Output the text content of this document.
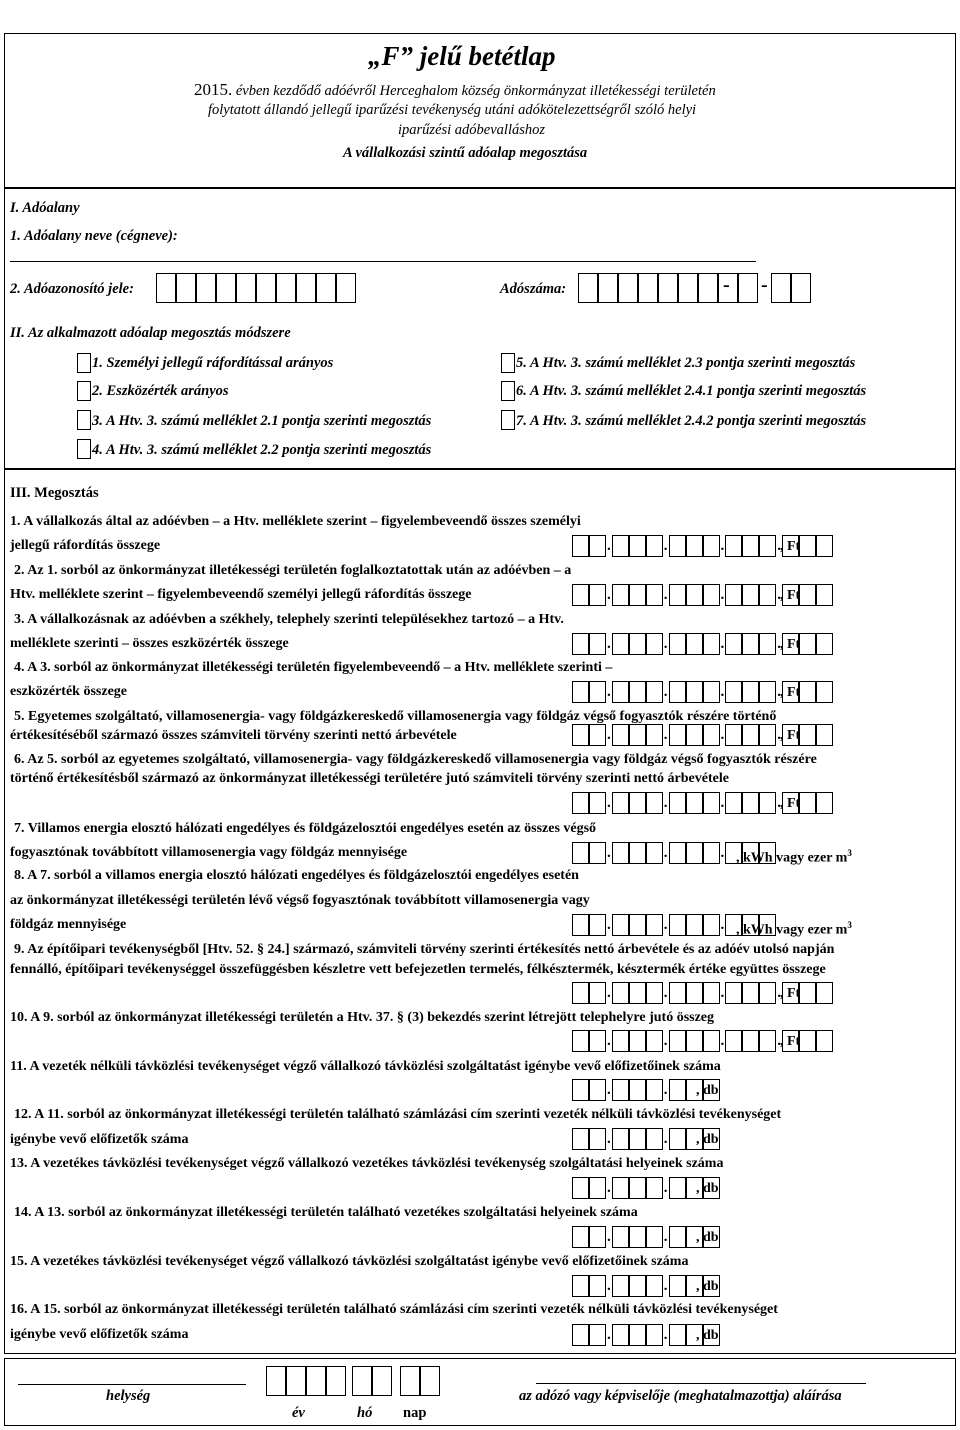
„F” jelű betétlap
2015. évben kezdődő adóévről Herceghalom község önkormányzat illetékességi területén
folytatott állandó jellegű iparűzési tevékenység utáni adókötelezettségről szóló helyi
iparűzési adóbevalláshoz
A vállalkozási szintű adóalap megosztása
I. Adóalany
1. Adóalany neve (cégneve):
2. Adóazonosító jele:	Adószáma:	- -
II. Az alkalmazott adóalap megosztás módszere
1. Személyi jellegű ráfordítással arányos
2. Eszközérték arányos
3. A Htv. 3. számú melléklet 2.1 pontja szerinti megosztás
4. A Htv. 3. számú melléklet 2.2 pontja szerinti megosztás
5. A Htv. 3. számú melléklet 2.3 pontja szerinti megosztás
6. A Htv. 3. számú melléklet 2.4.1 pontja szerinti megosztás
7. A Htv. 3. számú melléklet 2.4.2 pontja szerinti megosztás
III. Megosztás
1. A vállalkozás által az adóévben – a Htv. melléklete szerint – figyelembeveendő összes személyi
jellegű ráfordítás összege	.	.	.	. , Ft
2. Az 1. sorból az önkormányzat illetékességi területén foglalkoztatottak után az adóévben – a
Htv. melléklete szerint – figyelembeveendő személyi jellegű ráfordítás összege	.	.	.	. , Ft
3. A vállalkozásnak az adóévben a székhely, telephely szerinti településekhez tartozó – a Htv.
melléklete szerinti – összes eszközérték összege	.	.	.	. , Ft
4. A 3. sorból az önkormányzat illetékességi területén figyelembeveendő – a Htv. melléklete szerinti –
eszközérték összege	.	.	.	. , Ft
5. Egyetemes szolgáltató, villamosenergia- vagy földgázkereskedő villamosenergia vagy földgáz végső fogyasztók részére történő
értékesítéséből származó összes számviteli törvény szerinti nettó árbevétele	.	.	.	. , Ft
6. Az 5. sorból az egyetemes szolgáltató, villamosenergia- vagy földgázkereskedő villamosenergia vagy földgáz végső fogyasztók részére
történő értékesítésből származó az önkormányzat illetékességi területére jutó számviteli törvény szerinti nettó árbevétele
.	.	.	. , Ft
7. Villamos energia elosztó hálózati engedélyes és földgázelosztói engedélyes esetén az összes végső
fogyasztónak továbbított villamosenergia vagy földgáz mennyisége	.	.	. , kWh vagy ezer $m^3$
8. A 7. sorból a villamos energia elosztó hálózati engedélyes és földgázelosztói engedélyes esetén
az önkormányzat illetékességi területén lévő végső fogyasztónak továbbított villamosenergia vagy
földgáz mennyisége	.	.	. , kWh vagy ezer $m^3$
9. Az építőipari tevékenységből [Htv. 52. § 24.] származó, számviteli törvény szerinti értékesítés nettó árbevétele és az adóév utolsó napján
fennálló, építőipari tevékenységgel összefüggésben készletre vett befejezetlen termelés, félkésztermék, késztermék értéke együttes összege
.	.	.	. , Ft
10. A 9. sorból az önkormányzat illetékességi területén a Htv. 37. § (3) bekezdés szerint létrejött telephelyre jutó összeg
.	.	.	. , Ft
11. A vezeték nélküli távközlési tevékenységet végző vállalkozó távközlési szolgáltatást igénybe vevő előfizetőinek száma
.	. , db
12. A 11. sorból az önkormányzat illetékességi területén található számlázási cím szerinti vezeték nélküli távközlési tevékenységet
igénybe vevő előfizetők száma	.	. , db
13. A vezetékes távközlési tevékenységet végző vállalkozó vezetékes távközlési tevékenység szolgáltatási helyeinek száma
.	. , db
14. A 13. sorból az önkormányzat illetékességi területén található vezetékes szolgáltatási helyeinek száma
.	. , db
15. A vezetékes távközlési tevékenységet végző vállalkozó távközlési szolgáltatást igénybe vevő előfizetőinek száma
.	. , db
16. A 15. sorból az önkormányzat illetékességi területén található számlázási cím szerinti vezeték nélküli távközlési tevékenységet
igénybe vevő előfizetők száma	.	. , db
helység
év	hó nap
az adózó vagy képviselője (meghatalmazottja) aláírása
